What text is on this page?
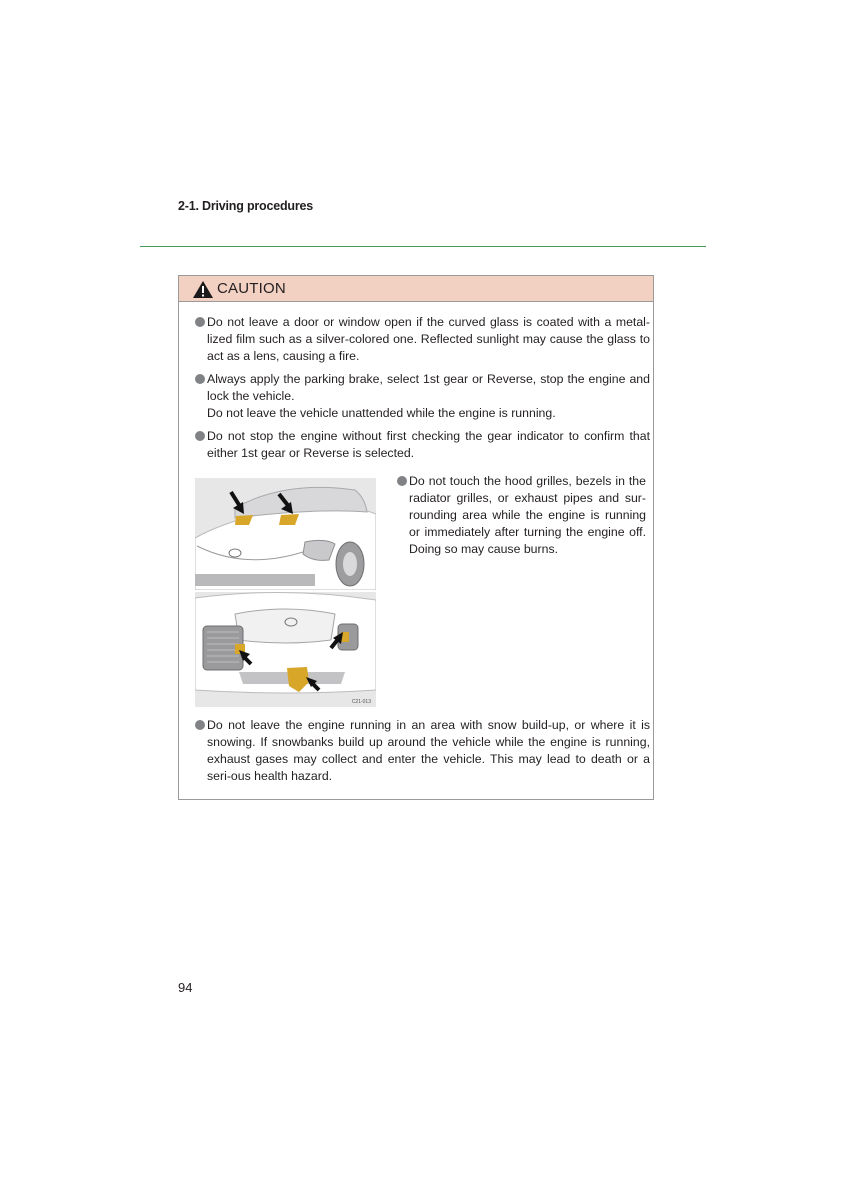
2-1. Driving procedures
CAUTION

Do not leave a door or window open if the curved glass is coated with a metal-lized film such as a silver-colored one. Reflected sunlight may cause the glass to act as a lens, causing a fire.

Always apply the parking brake, select 1st gear or Reverse, stop the engine and lock the vehicle.

Do not leave the vehicle unattended while the engine is running.

Do not stop the engine without first checking the gear indicator to confirm that either 1st gear or Reverse is selected.

C21-013

Do not touch the hood grilles, bezels in the radiator grilles, or exhaust pipes and sur-rounding area while the engine is running or immediately after turning the engine off. Doing so may cause burns.

Do not leave the engine running in an area with snow build-up, or where it is snowing. If snowbanks build up around the vehicle while the engine is running, exhaust gases may collect and enter the vehicle. This may lead to death or a seri-ous health hazard.

94
